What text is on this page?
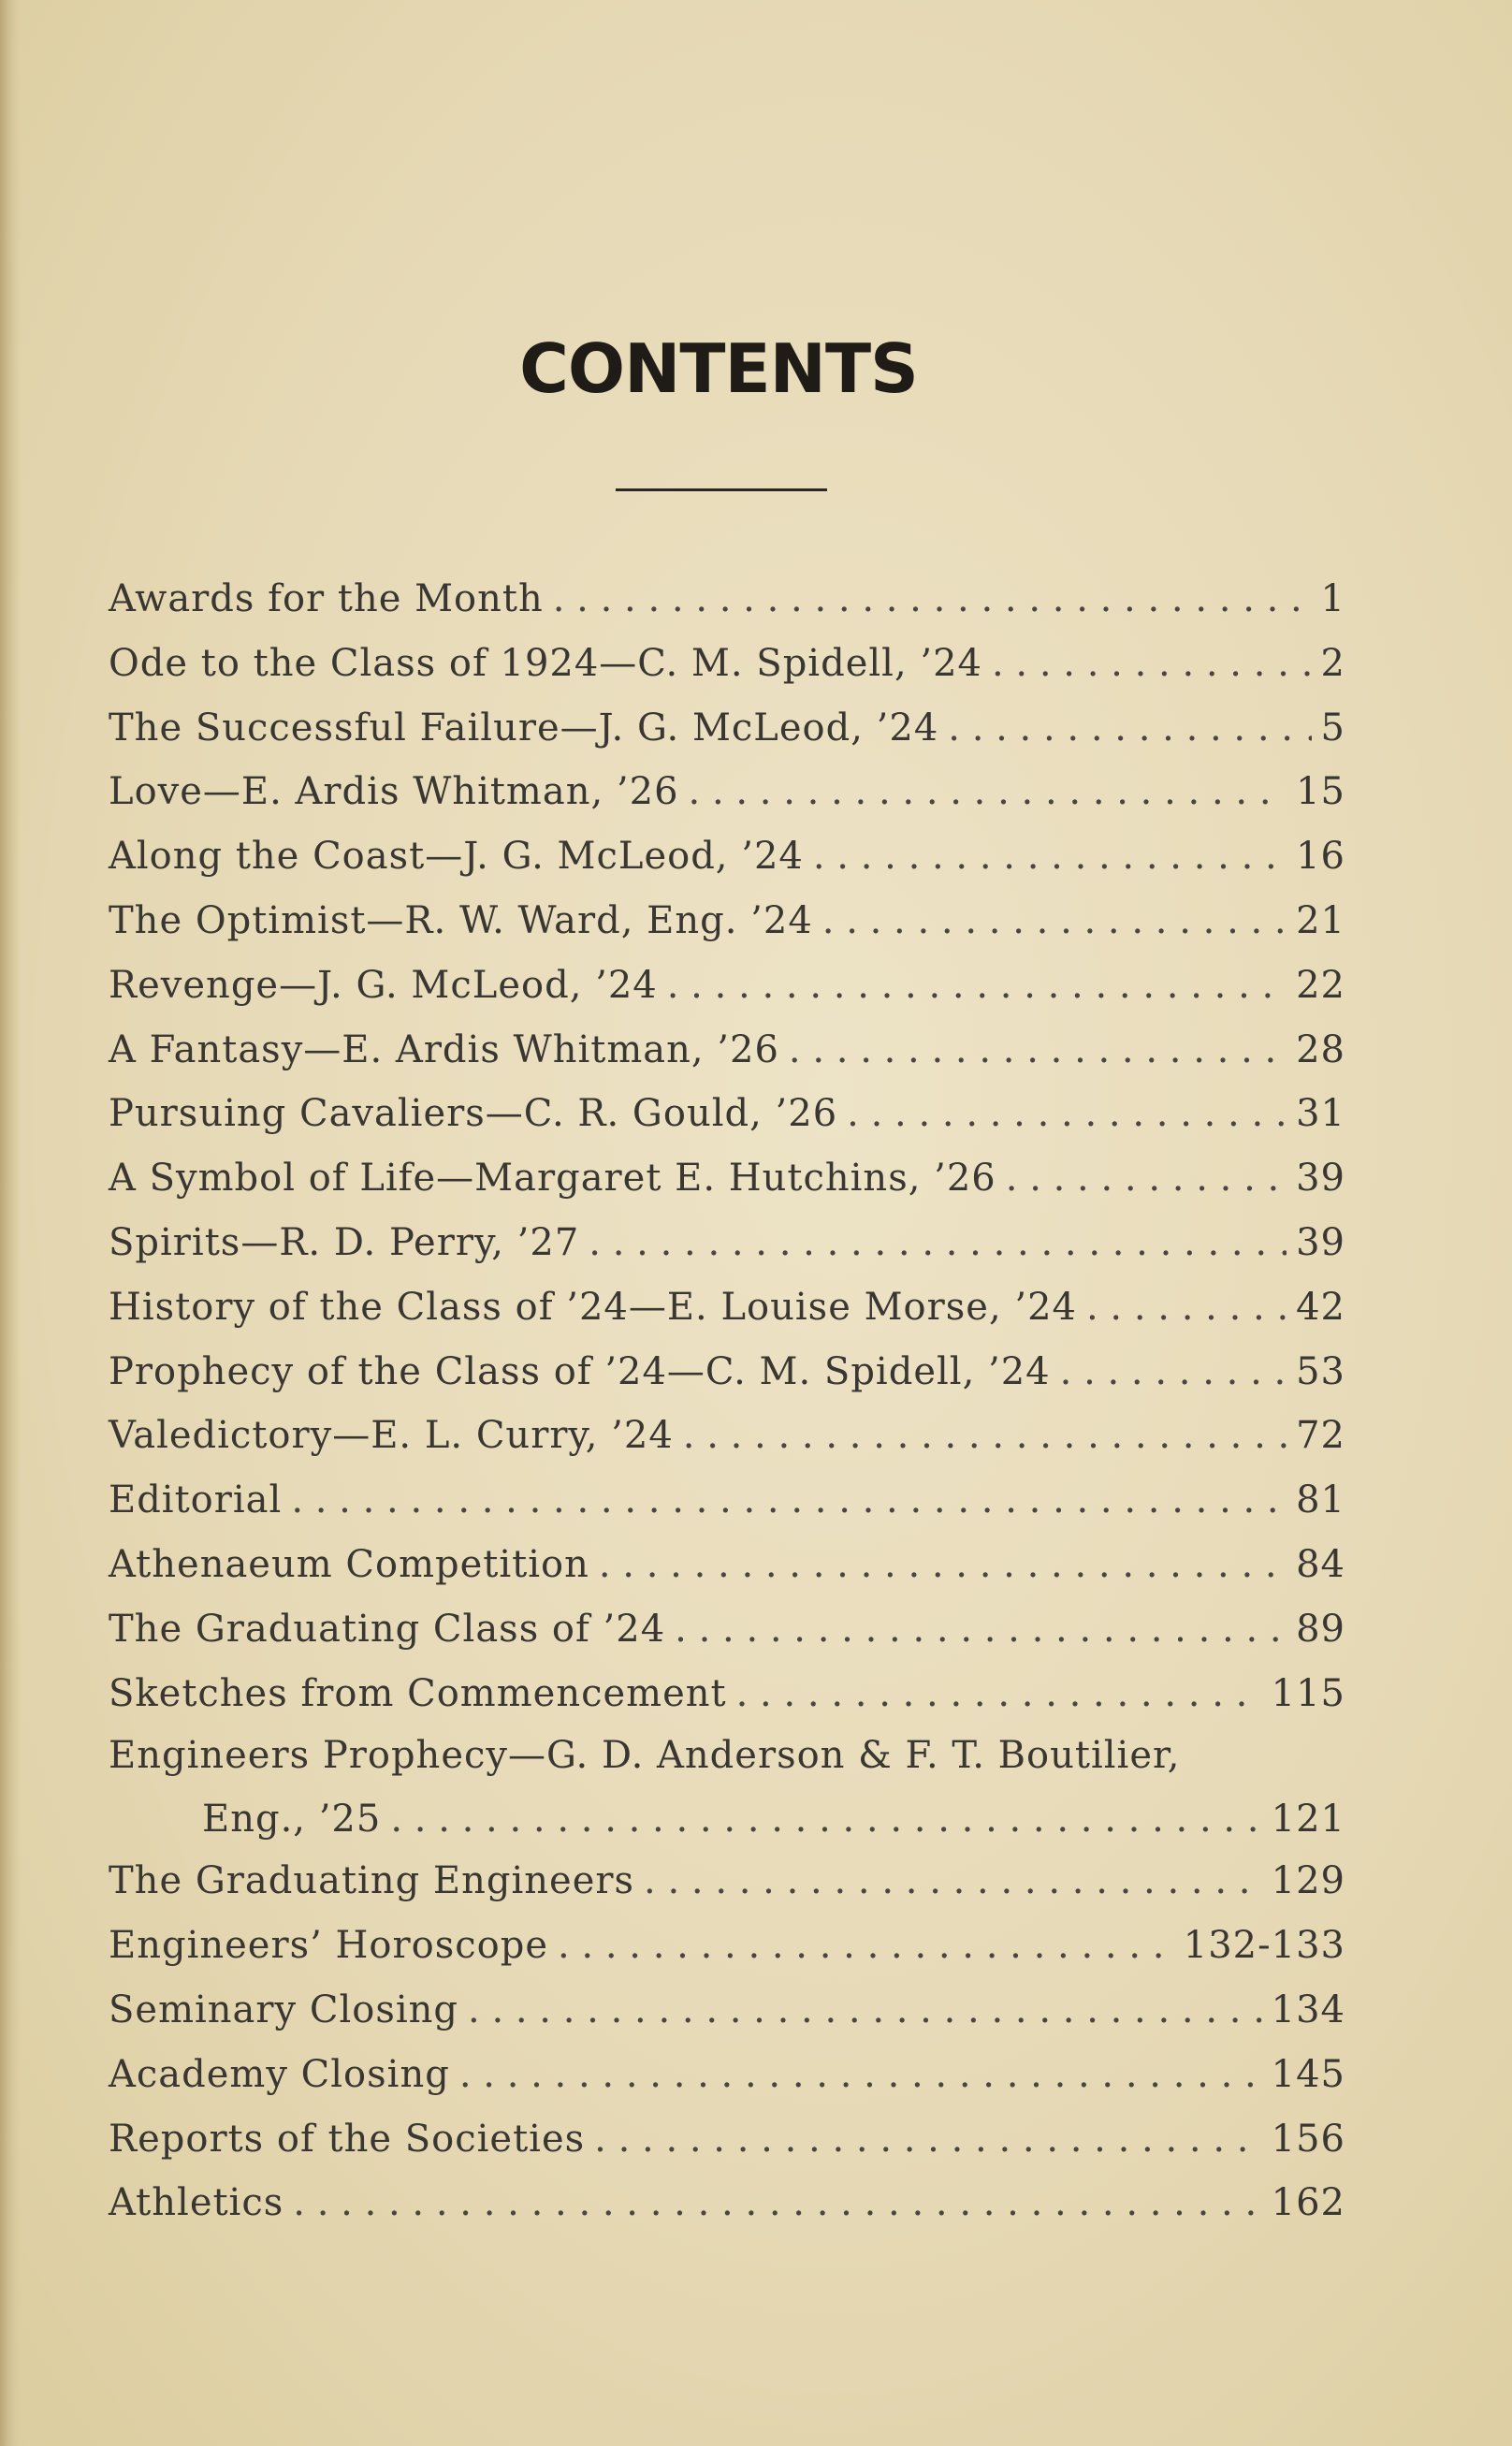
CONTENTS
Awards for the Month . . .	1
Ode to the Class of 1924—C. M. Spidell, ’24 . . .	2
The Successful Failure—J. G. McLeod, ’24 . . .	5
Love—E. Ardis Whitman, ’26 . . .	15
Along the Coast—J. G. McLeod, ’24 . . .	16
The Optimist—R. W. Ward, Eng. ’24 . . .	21
Revenge—J. G. McLeod, ’24 . . .	22
A Fantasy—E. Ardis Whitman, ’26 . . .	28
Pursuing Cavaliers—C. R. Gould, ’26 . . .	31
A Symbol of Life—Margaret E. Hutchins, ’26 . . .	39
Spirits—R. D. Perry, ’27 . . .	39
History of the Class of ’24—E. Louise Morse, ’24 . . .	42
Prophecy of the Class of ’24—C. M. Spidell, ’24 . . .	53
Valedictory—E. L. Curry, ’24 . . .	72
Editorial . . .	81
Athenaeum Competition . . .	84
The Graduating Class of ’24 . . .	89
Sketches from Commencement . . .	115
Engineers Prophecy—G. D. Anderson & F. T. Boutilier,
Eng., ’25 . . .	121
The Graduating Engineers . . .	129
Engineers’ Horoscope . . .	132-133
Seminary Closing . . .	134
Academy Closing . . .	145
Reports of the Societies . . .	156
Athletics . . .	162
